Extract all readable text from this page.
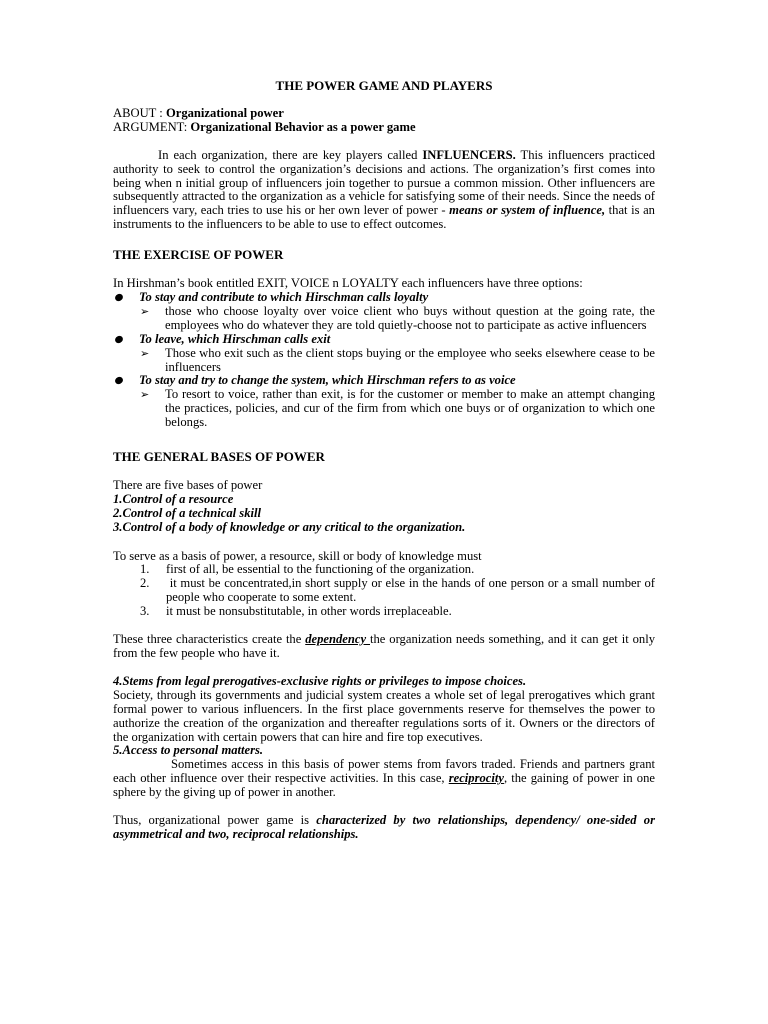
THE POWER GAME AND PLAYERS

ABOUT : Organizational power

ARGUMENT: Organizational Behavior as a power game

In each organization, there are key players called INFLUENCERS. This influencers practiced authority to seek to control the organization’s decisions and actions. The organization’s first comes into being when n initial group of influencers join together to pursue a common mission. Other influencers are subsequently attracted to the organization as a vehicle for satisfying some of their needs. Since the needs of influencers vary, each tries to use his or her own lever of power - means or system of influence, that is an instruments to the influencers to be able to use to effect outcomes.

THE EXERCISE OF POWER

In Hirshman’s book entitled EXIT, VOICE n LOYALTY each influencers have three options:

To stay and contribute to which Hirschman calls loyalty
➢ those who choose loyalty over voice client who buys without question at the going rate, the employees who do whatever they are told quietly-choose not to participate as active influencers
To leave, which Hirschman calls exit
➢ Those who exit such as the client stops buying or the employee who seeks elsewhere cease to be influencers
To stay and try to change the system, which Hirschman refers to as voice
➢ To resort to voice, rather than exit, is for the customer or member to make an attempt changing the practices, policies, and cur of the firm from which one buys or of organization to which one belongs.

THE GENERAL BASES OF POWER

There are five bases of power

1.Control of a resource

2.Control of a technical skill

3.Control of a body of knowledge or any critical to the organization.

To serve as a basis of power, a resource, skill or body of knowledge must

1. first of all, be essential to the functioning of the organization.
2. it must be concentrated,in short supply or else in the hands of one person or a small number of people who cooperate to some extent.
3. it must be nonsubstitutable, in other words irreplaceable.

These three characteristics create the dependency the organization needs something, and it can get it only from the few people who have it.

4.Stems from legal prerogatives-exclusive rights or privileges to impose choices.

Society, through its governments and judicial system creates a whole set of legal prerogatives which grant formal power to various influencers. In the first place governments reserve for themselves the power to authorize the creation of the organization and thereafter regulations sorts of it. Owners or the directors of the organization with certain powers that can hire and fire top executives.

5.Access to personal matters.

Sometimes access in this basis of power stems from favors traded. Friends and partners grant each other influence over their respective activities. In this case, reciprocity, the gaining of power in one sphere by the giving up of power in another.

Thus, organizational power game is characterized by two relationships, dependency/ one-sided or asymmetrical and two, reciprocal relationships.
